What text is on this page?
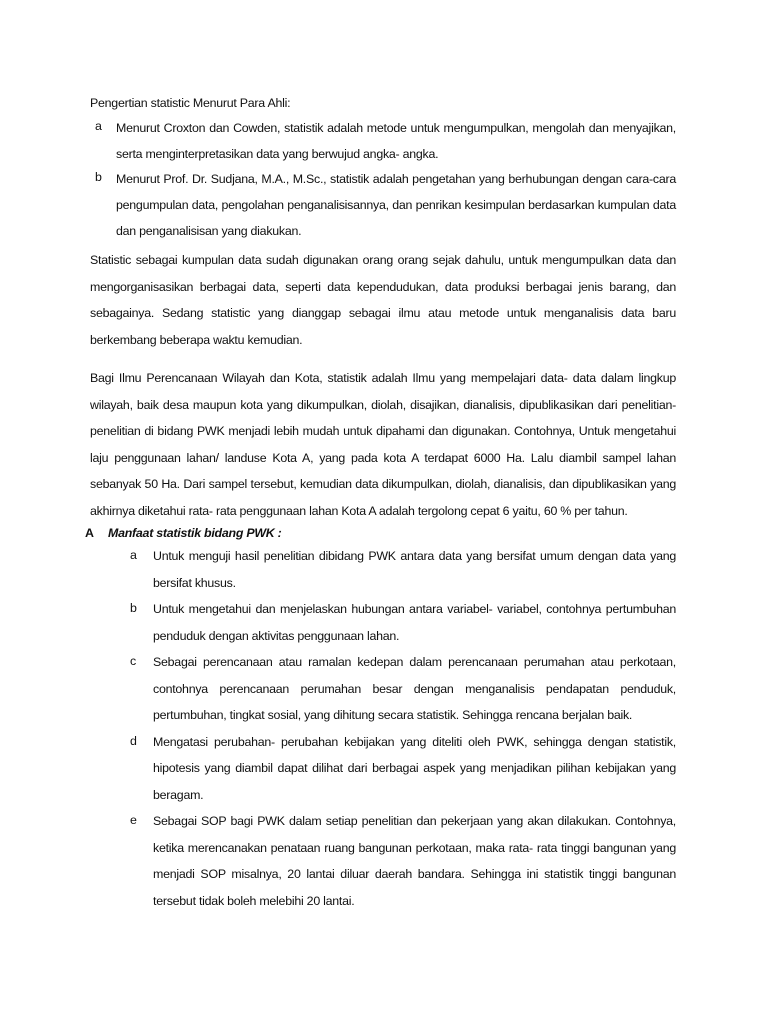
Pengertian statistic Menurut Para Ahli:

a	Menurut Croxton dan Cowden, statistik adalah metode untuk mengumpulkan, mengolah dan menyajikan, serta menginterpretasikan data yang berwujud angka- angka.
b	Menurut Prof. Dr. Sudjana, M.A., M.Sc., statistik adalah pengetahan yang berhubungan dengan cara-cara pengumpulan data, pengolahan penganalisisannya, dan penrikan kesimpulan berdasarkan kumpulan data dan penganalisisan yang diakukan.

Statistic sebagai kumpulan data sudah digunakan orang orang sejak dahulu, untuk mengumpulkan data dan mengorganisasikan berbagai data, seperti data kependudukan, data produksi berbagai jenis barang, dan sebagainya. Sedang statistic yang dianggap sebagai ilmu atau metode untuk menganalisis data baru berkembang beberapa waktu kemudian.

Bagi Ilmu Perencanaan Wilayah dan Kota, statistik adalah Ilmu yang mempelajari data- data dalam lingkup wilayah, baik desa maupun kota yang dikumpulkan, diolah, disajikan, dianalisis, dipublikasikan dari penelitian- penelitian di bidang PWK menjadi lebih mudah untuk dipahami dan digunakan. Contohnya, Untuk mengetahui laju penggunaan lahan/ landuse Kota A, yang pada kota A terdapat 6000 Ha. Lalu diambil sampel lahan sebanyak 50 Ha. Dari sampel tersebut, kemudian data dikumpulkan, diolah, dianalisis, dan dipublikasikan yang akhirnya diketahui rata- rata penggunaan lahan Kota A adalah tergolong cepat 6 yaitu, 60 % per tahun.

A	Manfaat statistik bidang PWK :
a	Untuk menguji hasil penelitian dibidang PWK antara data yang bersifat umum dengan data yang bersifat khusus.
b	Untuk mengetahui dan menjelaskan hubungan antara variabel- variabel, contohnya pertumbuhan penduduk dengan aktivitas penggunaan lahan.
c	Sebagai perencanaan atau ramalan kedepan dalam perencanaan perumahan atau perkotaan, contohnya perencanaan perumahan besar dengan menganalisis pendapatan penduduk, pertumbuhan, tingkat sosial, yang dihitung secara statistik. Sehingga rencana berjalan baik.
d	Mengatasi perubahan- perubahan kebijakan yang diteliti oleh PWK, sehingga dengan statistik, hipotesis yang diambil dapat dilihat dari berbagai aspek yang menjadikan pilihan kebijakan yang beragam.
e	Sebagai SOP bagi PWK dalam setiap penelitian dan pekerjaan yang akan dilakukan. Contohnya, ketika merencanakan penataan ruang bangunan perkotaan, maka rata- rata tinggi bangunan yang menjadi SOP misalnya, 20 lantai diluar daerah bandara. Sehingga ini statistik tinggi bangunan tersebut tidak boleh melebihi 20 lantai.
